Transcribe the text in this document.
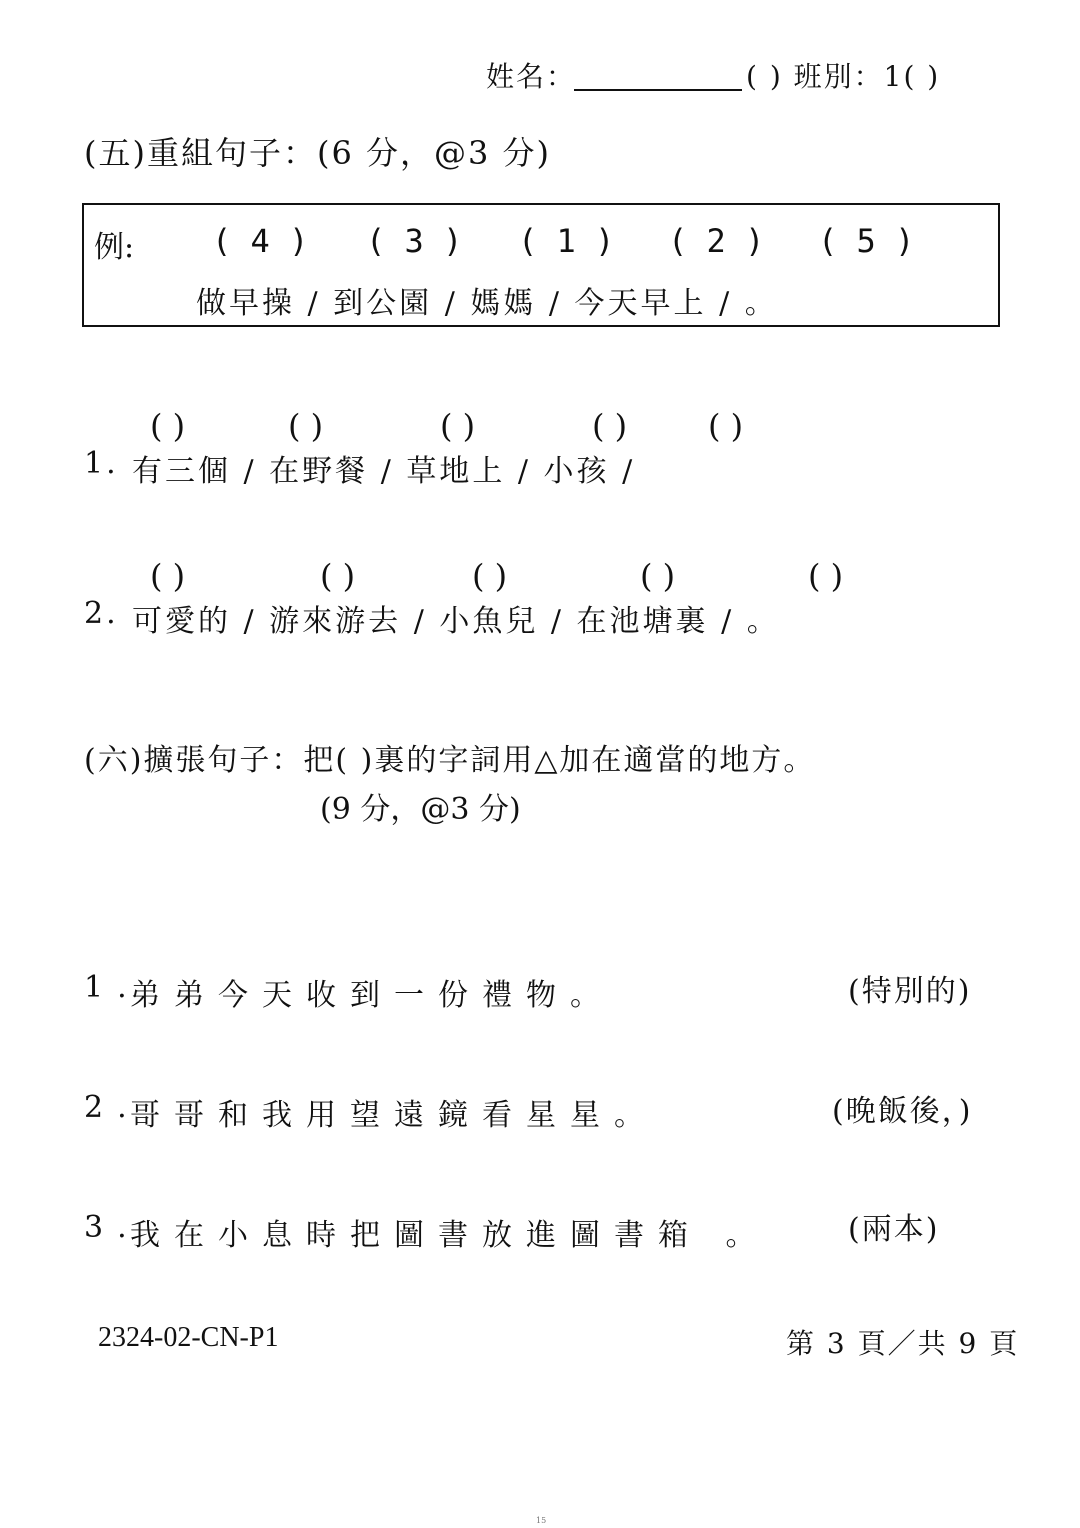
姓名：	( ) 班別：1( )
(五)重組句子：(6 分，@3 分)
例: ( 4 ) ( 3 ) ( 1 ) ( 2 ) ( 5 )
做早操 / 到公園 / 媽媽 / 今天早上 / 。
( )	( )	( )	( )	( )
1. 有三個 / 在野餐 / 草地上 / 小孩 /
( )	( )	( )	( )	( )
2. 可愛的 / 游來游去 / 小魚兒 / 在池塘裏 / 。
(六)擴張句子：把( )裏的字詞用△加在適當的地方。
(9 分，@3 分)
1.
弟弟今天收到一份禮物。	(特別的)
2.
哥哥和我用望遠鏡看星星。	(晚飯後，)
3.
我在小息時把圖書放進圖書箱 。	(兩本)
2324-02-CN-P1	第 3 頁／共 9 頁
15
